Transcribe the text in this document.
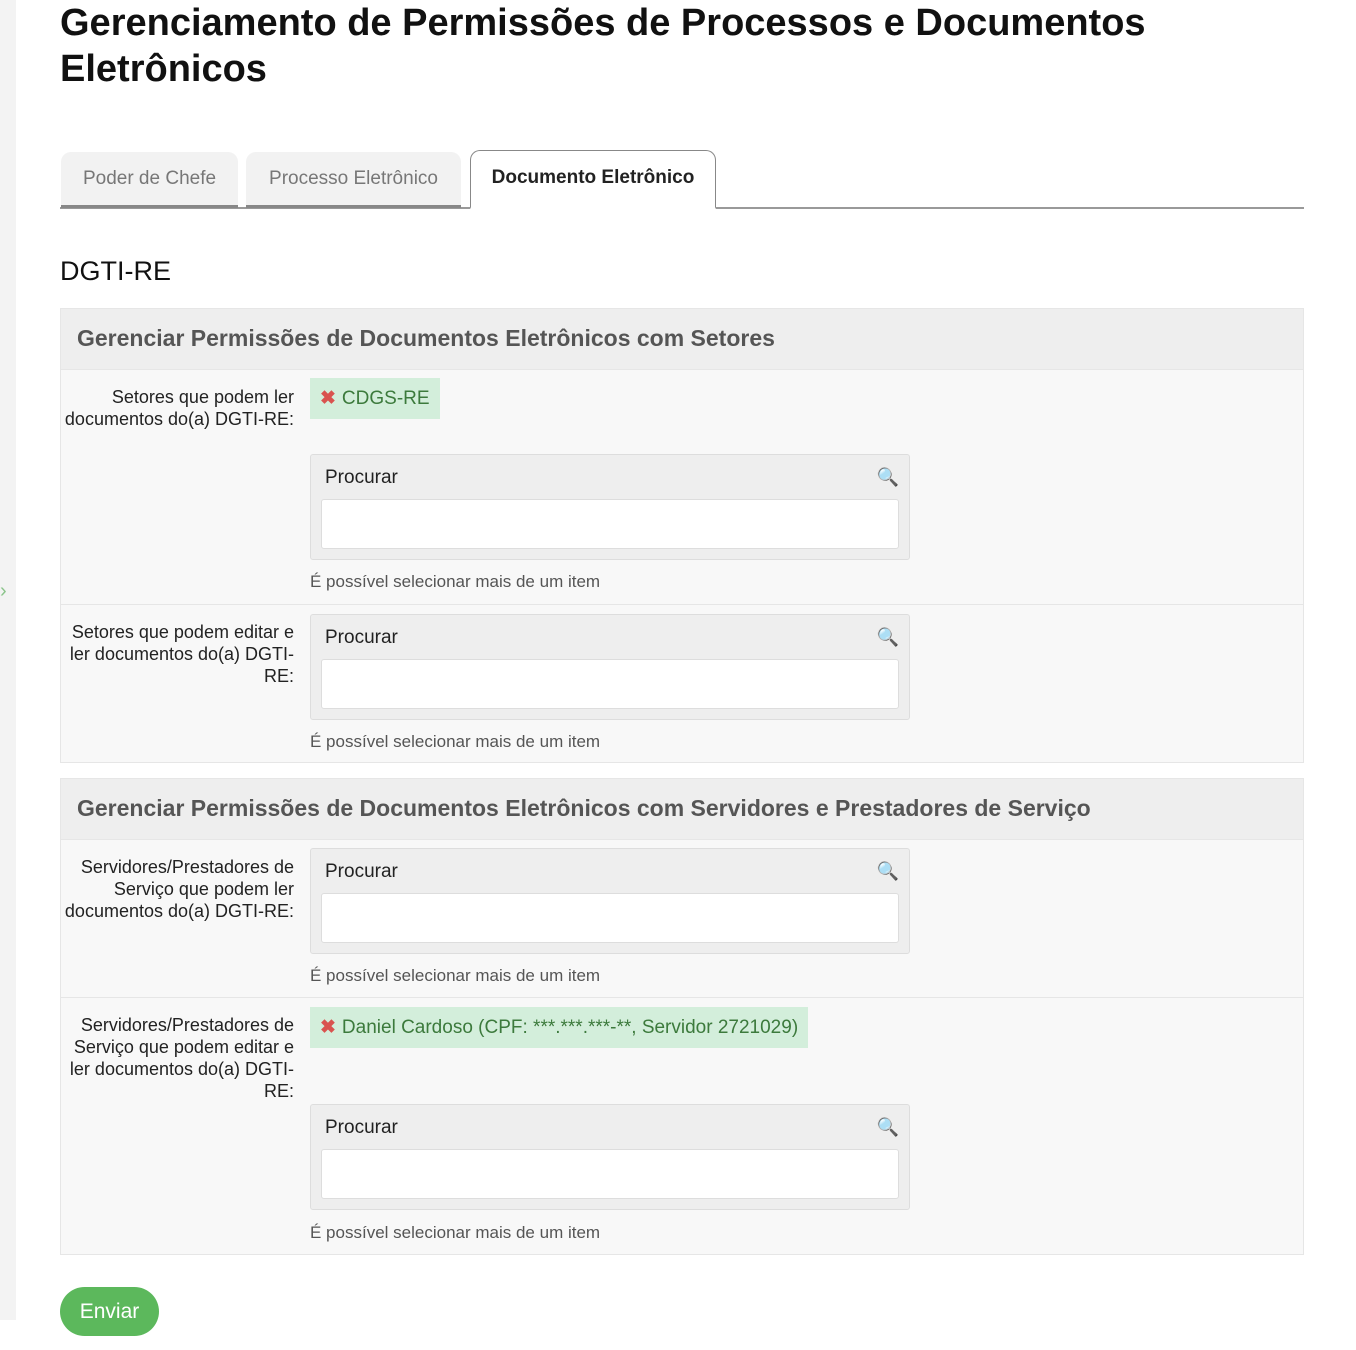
›
Gerenciamento de Permissões de Processos e Documentos Eletrônicos
Poder de Chefe	Processo Eletrônico	Documento Eletrônico
DGTI-RE
Gerenciar Permissões de Documentos Eletrônicos com Setores
Setores que podem ler documentos do(a) DGTI-RE:
✖ CDGS-RE
Procurar	🔍
É possível selecionar mais de um item
Setores que podem editar e ler documentos do(a) DGTI-RE:
Procurar	🔍
É possível selecionar mais de um item
Gerenciar Permissões de Documentos Eletrônicos com Servidores e Prestadores de Serviço
Servidores/Prestadores de Serviço que podem ler documentos do(a) DGTI-RE:
Procurar	🔍
É possível selecionar mais de um item
Servidores/Prestadores de Serviço que podem editar e ler documentos do(a) DGTI-RE:
✖ Daniel Cardoso (CPF: ***.***.***-**, Servidor 2721029)
Procurar	🔍
É possível selecionar mais de um item
Enviar
